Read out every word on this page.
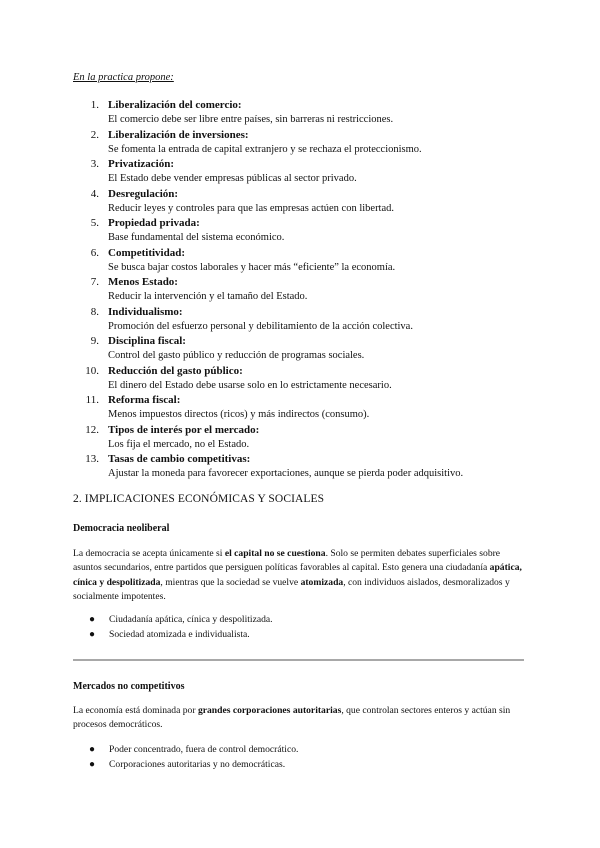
En la practica propone:
1. Liberalización del comercio:
El comercio debe ser libre entre países, sin barreras ni restricciones.
2. Liberalización de inversiones:
Se fomenta la entrada de capital extranjero y se rechaza el proteccionismo.
3. Privatización:
El Estado debe vender empresas públicas al sector privado.
4. Desregulación:
Reducir leyes y controles para que las empresas actúen con libertad.
5. Propiedad privada:
Base fundamental del sistema económico.
6. Competitividad:
Se busca bajar costos laborales y hacer más “eficiente” la economía.
7. Menos Estado:
Reducir la intervención y el tamaño del Estado.
8. Individualismo:
Promoción del esfuerzo personal y debilitamiento de la acción colectiva.
9. Disciplina fiscal:
Control del gasto público y reducción de programas sociales.
10. Reducción del gasto público:
El dinero del Estado debe usarse solo en lo estrictamente necesario.
11. Reforma fiscal:
Menos impuestos directos (ricos) y más indirectos (consumo).
12. Tipos de interés por el mercado:
Los fija el mercado, no el Estado.
13. Tasas de cambio competitivas:
Ajustar la moneda para favorecer exportaciones, aunque se pierda poder adquisitivo.
2. IMPLICACIONES ECONÓMICAS Y SOCIALES
Democracia neoliberal
La democracia se acepta únicamente si el capital no se cuestiona. Solo se permiten debates superficiales sobre asuntos secundarios, entre partidos que persiguen políticas favorables al capital. Esto genera una ciudadanía apática, cínica y despolitizada, mientras que la sociedad se vuelve atomizada, con individuos aislados, desmoralizados y socialmente impotentes.
● Ciudadanía apática, cínica y despolitizada.
● Sociedad atomizada e individualista.
Mercados no competitivos
La economía está dominada por grandes corporaciones autoritarias, que controlan sectores enteros y actúan sin procesos democráticos.
● Poder concentrado, fuera de control democrático.
● Corporaciones autoritarias y no democráticas.
